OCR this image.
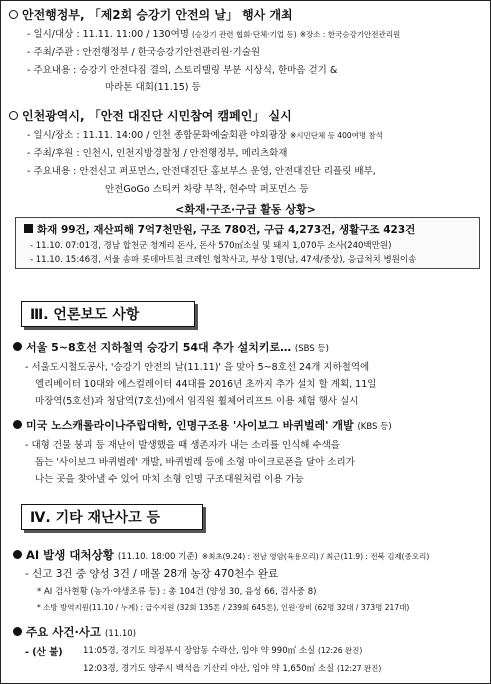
안전행정부, 「제2회 승강기 안전의 날」 행사 개최
- 일시/대상 : 11.11. 11:00 / 130여명 (승강기 관련 협회·단체·기업 등) ※장소 : 한국승강기안전관리원
- 주최/주관 : 안전행정부 / 한국승강기안전관리원·기술원
- 주요내용 : 승강기 안전다짐 결의, 스토리텔링 부분 시상식, 한마음 걷기 &
마라톤 대회(11.15) 등
인천광역시, 「안전 대진단 시민참여 캠페인」 실시
- 일시/장소 : 11.11. 14:00 / 인천 종합문화예술회관 야외광장 ※시민단체 등 400여명 참석
- 주최/후원 : 인천시, 인천지방경찰청 / 안전행정부, 메리츠화재
- 주요내용 : 안전신고 퍼포먼스, 안전대진단 홍보부스 운영, 안전대진단 리플릿 배부,
안전GoGo 스티커 차량 부착, 현수막 퍼포먼스 등
<화재·구조·구급 활동 상황>
화재 99건, 재산피해 7억7천만원, 구조 780건, 구급 4,273건, 생활구조 423건
- 11.10. 07:01경, 경남 합천군 청계리 돈사, 돈사 570㎡소실 및 돼지 1,070두 소사(240백만원)
- 11.10. 15:46경, 서울 송파 롯데마트점 크레인 협착사고, 부상 1명(남, 47세/중상), 응급처치 병원이송
Ⅲ. 언론보도 사항
서울 5~8호선 지하철역 승강기 54대 추가 설치키로… (SBS 등)
- 서울도시철도공사, '승강기 안전의 날(11.11)' 을 맞아 5~8호선 24개 지하철역에
엘리베이터 10대와 에스컬레이터 44대를 2016년 초까지 추가 설치 할 계획, 11일
마장역(5호선)과 청담역(7호선)에서 임직원 휠체어리프트 이용 체험 행사 실시
미국 노스캐롤라이나주립대학, 인명구조용 '사이보그 바퀴벌레' 개발 (KBS 등)
- 대형 건물 붕괴 등 재난이 발생했을 때 생존자가 내는 소리를 인식해 수색을
돕는 '사이보그 바퀴벌레' 개발, 바퀴벌레 등에 소형 마이크로폰을 달아 소리가
나는 곳을 찾아낼 수 있어 마치 소형 인명 구조대원처럼 이용 가능
Ⅳ. 기타 재난사고 등
AI 발생 대처상황 (11.10. 18:00 기준) ※최초(9.24) : 전남 영암(육용오리) / 최근(11.9) : 전북 김제(종오리)
- 신고 3건 중 양성 3건 / 매몰 28개 농장 470천수 완료
* AI 검사현황 (농가·야생조류 등) : 총 104건 (양성 30, 음성 66, 검사중 8)
* 소방 방역지원(11.10 / 누계) : 급수지원 (32회 135톤 / 239회 645톤), 인원·장비 (62명 32대 / 373명 217대)
주요 사건·사고 (11.10)
- (산 불) 11:05경, 경기도 의정부시 장암동 수락산, 임야 약 990㎡ 소실 (12:26 완진)
12:03경, 경기도 양주시 백석읍 기산리 야산, 임야 약 1,650㎡ 소실 (12:27 완진)
